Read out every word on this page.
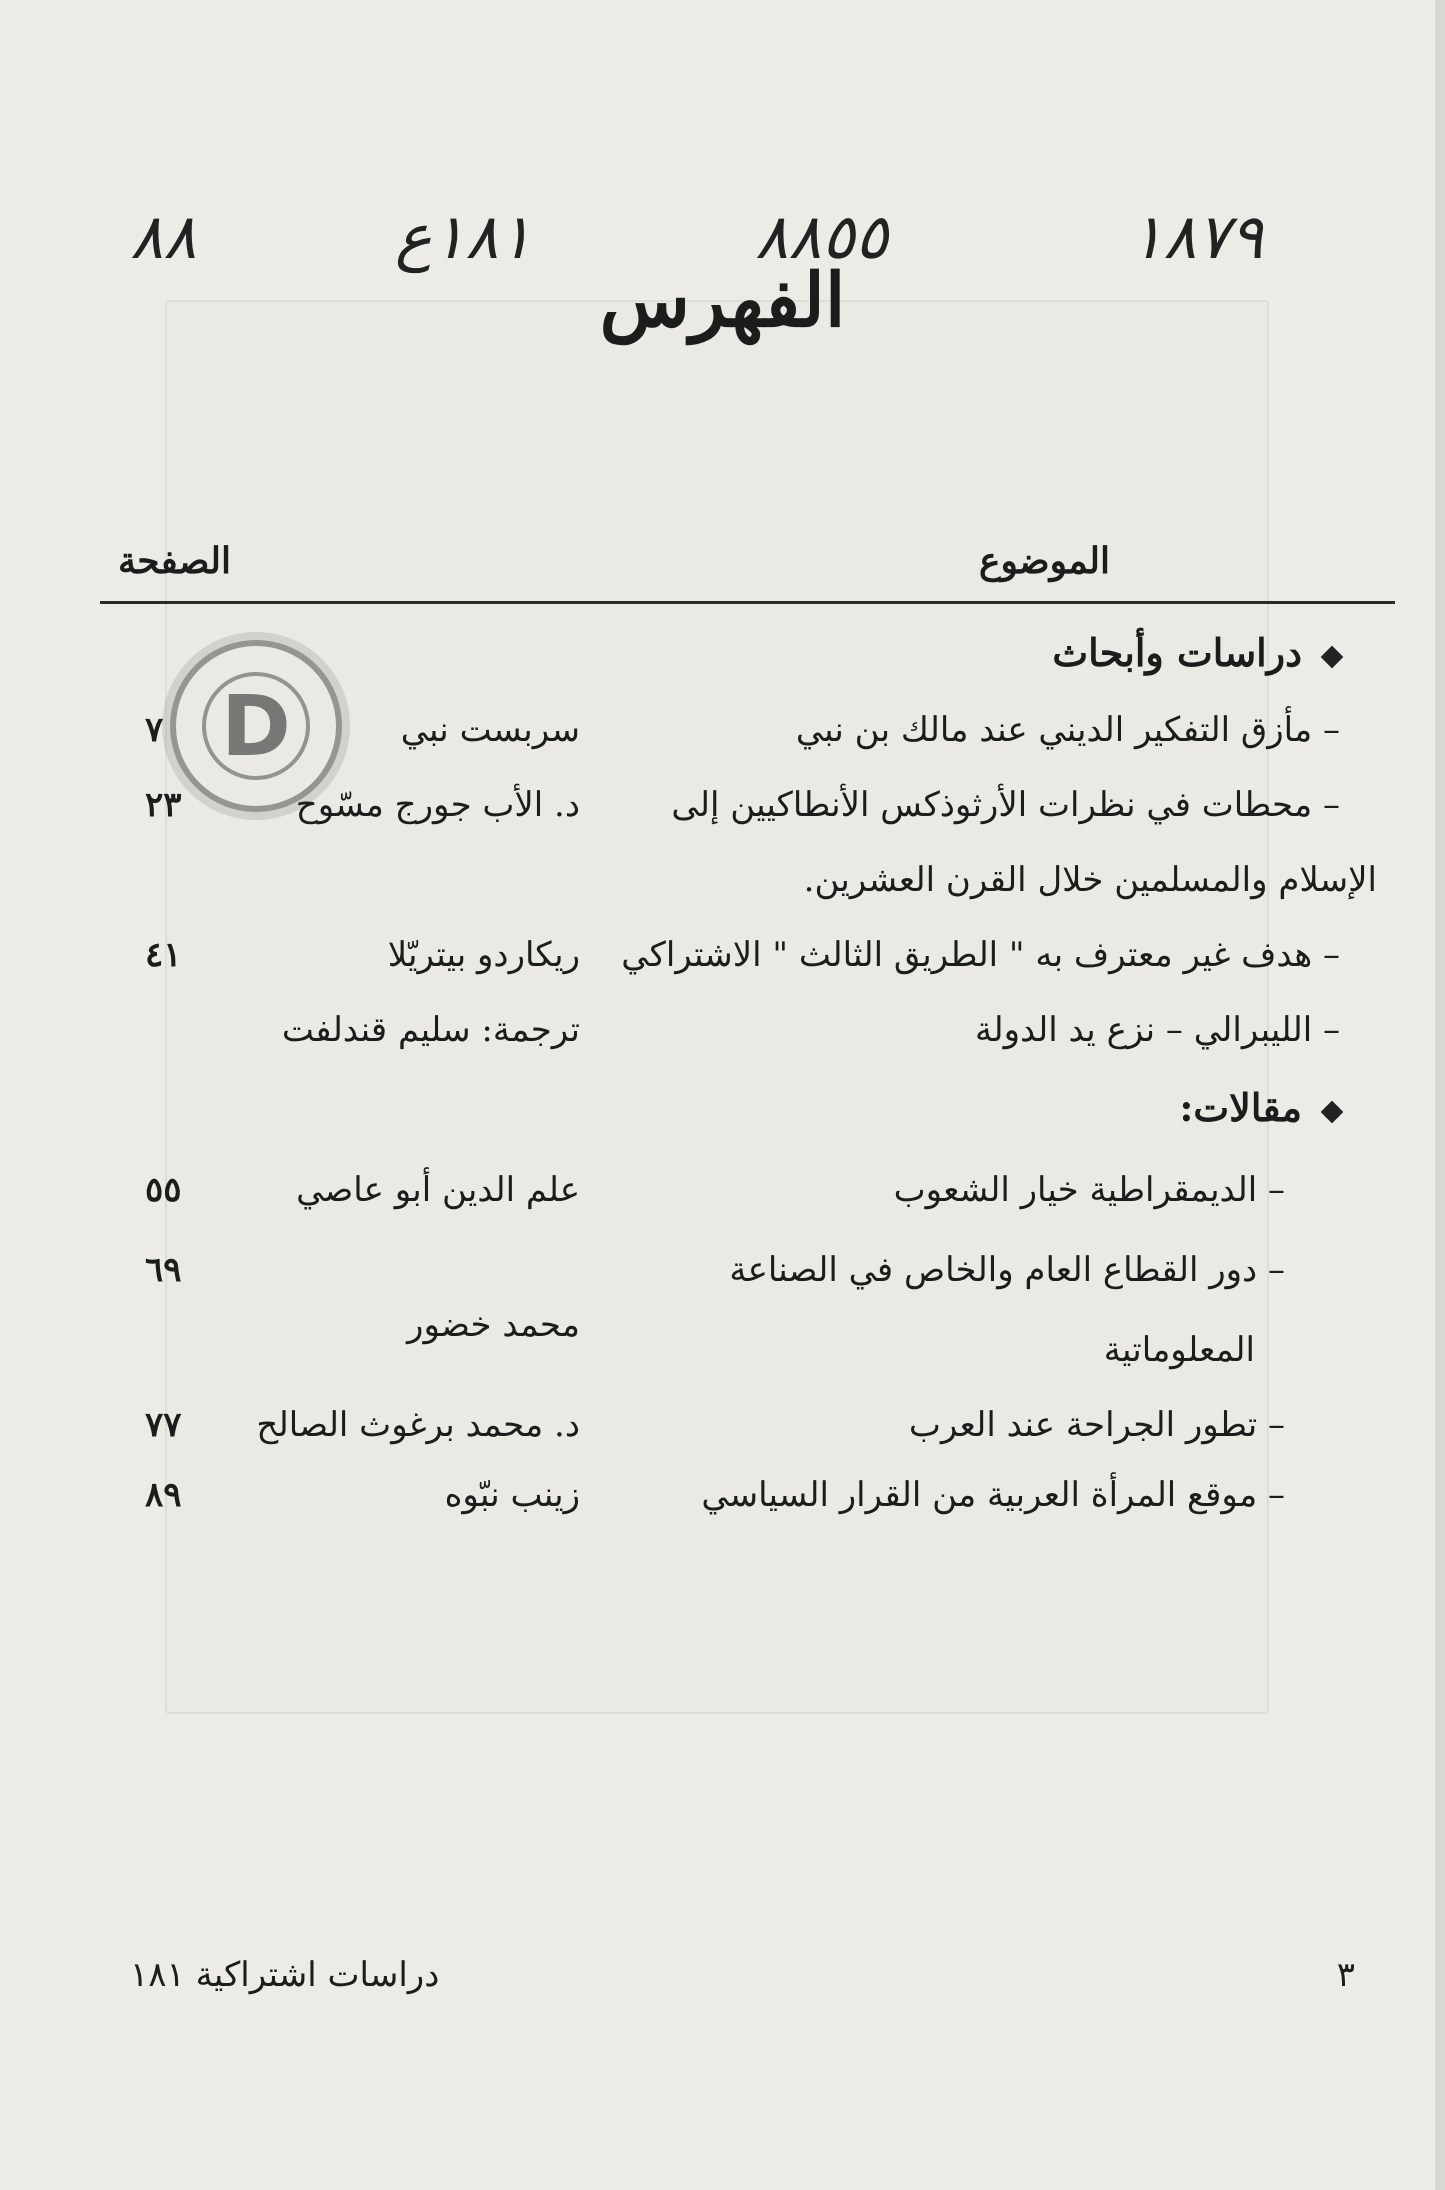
١٨٧٩
٨٨٥٥
١٨١ع
٨٨
الفهرس
الموضوع
الصفحة
D
دراسات وأبحاث
– مأزق التفكير الديني عند مالك بن نبي
سربست نبي
٧
– محطات في نظرات الأرثوذكس الأنطاكيين إلى
د. الأب جورج مسّوح
٢٣
الإسلام والمسلمين خلال القرن العشرين.
– هدف غير معترف به " الطريق الثالث " الاشتراكي
ريكاردو بيتريّلا
٤١
– الليبرالي – نزع يد الدولة
ترجمة: سليم قندلفت
مقالات:
– الديمقراطية خيار الشعوب
علم الدين أبو عاصي
٥٥
– دور القطاع العام والخاص في الصناعة
٦٩
المعلوماتية
محمد خضور
– تطور الجراحة عند العرب
د. محمد برغوث الصالح
٧٧
– موقع المرأة العربية من القرار السياسي
زينب نبّوه
٨٩
دراسات اشتراكية ١٨١	٣
